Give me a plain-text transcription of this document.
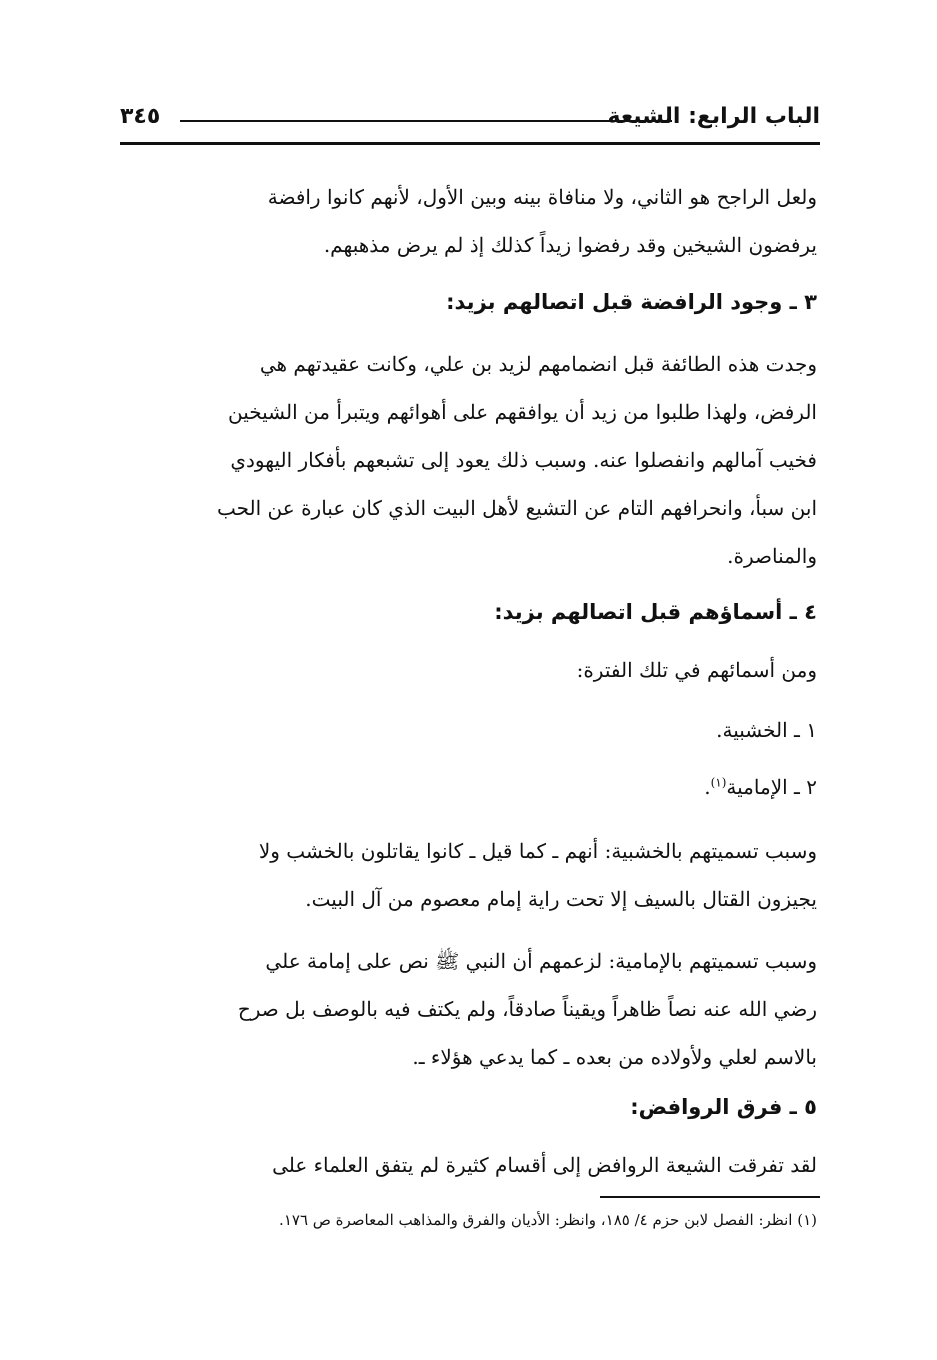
الباب الرابع: الشيعة
٣٤٥
ولعل الراجح هو الثاني، ولا منافاة بينه وبين الأول، لأنهم كانوا رافضة
يرفضون الشيخين وقد رفضوا زيداً كذلك إذ لم يرض مذهبهم.
٣ ـ وجود الرافضة قبل اتصالهم بزيد:
وجدت هذه الطائفة قبل انضمامهم لزيد بن علي، وكانت عقيدتهم هي
الرفض، ولهذا طلبوا من زيد أن يوافقهم على أهوائهم ويتبرأ من الشيخين
فخيب آمالهم وانفصلوا عنه. وسبب ذلك يعود إلى تشبعهم بأفكار اليهودي
ابن سبأ، وانحرافهم التام عن التشيع لأهل البيت الذي كان عبارة عن الحب
والمناصرة.
٤ ـ أسماؤهم قبل اتصالهم بزيد:
ومن أسمائهم في تلك الفترة:
١ ـ الخشبية.
٢ ـ الإمامية$^{(١)}$.
وسبب تسميتهم بالخشبية: أنهم ـ كما قيل ـ كانوا يقاتلون بالخشب ولا
يجيزون القتال بالسيف إلا تحت راية إمام معصوم من آل البيت.
وسبب تسميتهم بالإمامية: لزعمهم أن النبي ﷺ نص على إمامة علي
رضي الله عنه نصاً ظاهراً ويقيناً صادقاً، ولم يكتف فيه بالوصف بل صرح
بالاسم لعلي ولأولاده من بعده ـ كما يدعي هؤلاء ـ.
٥ ـ فرق الروافض:
لقد تفرقت الشيعة الروافض إلى أقسام كثيرة لم يتفق العلماء على
(١) انظر: الفصل لابن حزم ٤/ ١٨٥، وانظر: الأديان والفرق والمذاهب المعاصرة ص ١٧٦.
